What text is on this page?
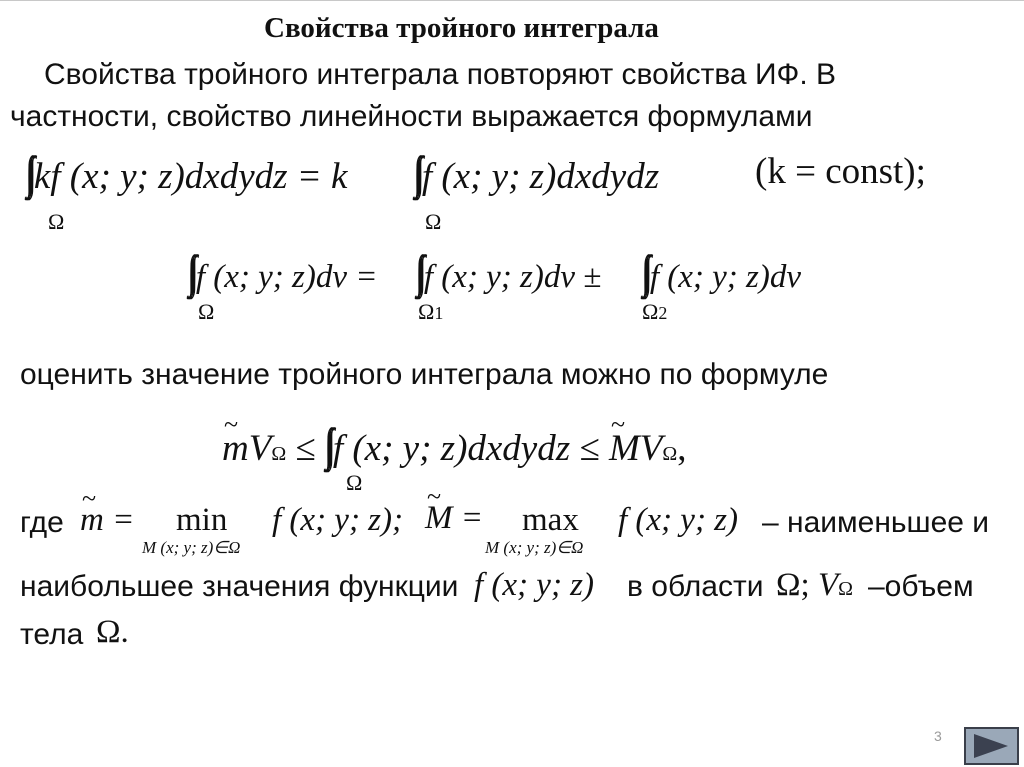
Свойства тройного интеграла
Свойства тройного интеграла повторяют свойства ИФ. В
частности, свойство линейности выражается формулами
∫∫∫kf (x; y; z)dxdydz = k
Ω
∫∫∫f (x; y; z)dxdydz
Ω
(k = const);
∫∫∫ f (x; y; z)dv =
Ω
∫∫∫ f (x; y; z)dv ±
Ω1
∫∫∫ f (x; y; z)dv
Ω2
оценить значение тройного интеграла можно по формуле
~ mVΩ ≤ ∫∫∫f (x; y; z)dxdydz ≤ ~ MVΩ,
Ω
где ~ m = min
M (x; y; z)∈Ω
f (x; y; z); ~ M = max
M (x; y; z)∈Ω
f (x; y; z) – наименьшее и
наибольшее значения функции f (x; y; z) в области Ω; VΩ –объем
тела Ω.
3
